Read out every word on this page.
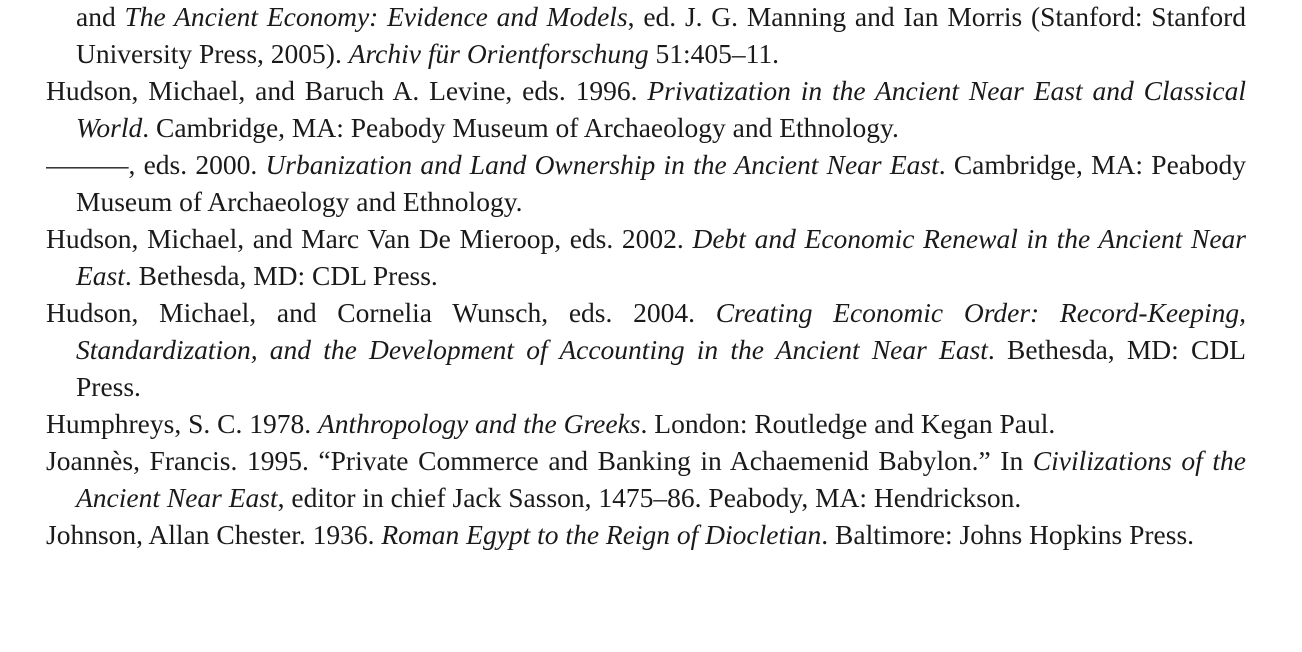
and The Ancient Economy: Evidence and Models, ed. J. G. Manning and Ian Morris (Stanford: Stanford University Press, 2005). Archiv für Orientforschung 51:405–11.

Hudson, Michael, and Baruch A. Levine, eds. 1996. Privatization in the Ancient Near East and Classical World. Cambridge, MA: Peabody Museum of Archaeology and Ethnology.

———, eds. 2000. Urbanization and Land Ownership in the Ancient Near East. Cambridge, MA: Peabody Museum of Archaeology and Ethnology.

Hudson, Michael, and Marc Van De Mieroop, eds. 2002. Debt and Economic Renewal in the Ancient Near East. Bethesda, MD: CDL Press.

Hudson, Michael, and Cornelia Wunsch, eds. 2004. Creating Economic Order: Record-Keeping, Standardization, and the Development of Accounting in the Ancient Near East. Bethesda, MD: CDL Press.

Humphreys, S. C. 1978. Anthropology and the Greeks. London: Routledge and Kegan Paul.

Joannès, Francis. 1995. “Private Commerce and Banking in Achaemenid Babylon.” In Civilizations of the Ancient Near East, editor in chief Jack Sasson, 1475–86. Peabody, MA: Hendrickson.

Johnson, Allan Chester. 1936. Roman Egypt to the Reign of Diocletian. Baltimore: Johns Hopkins Press.
